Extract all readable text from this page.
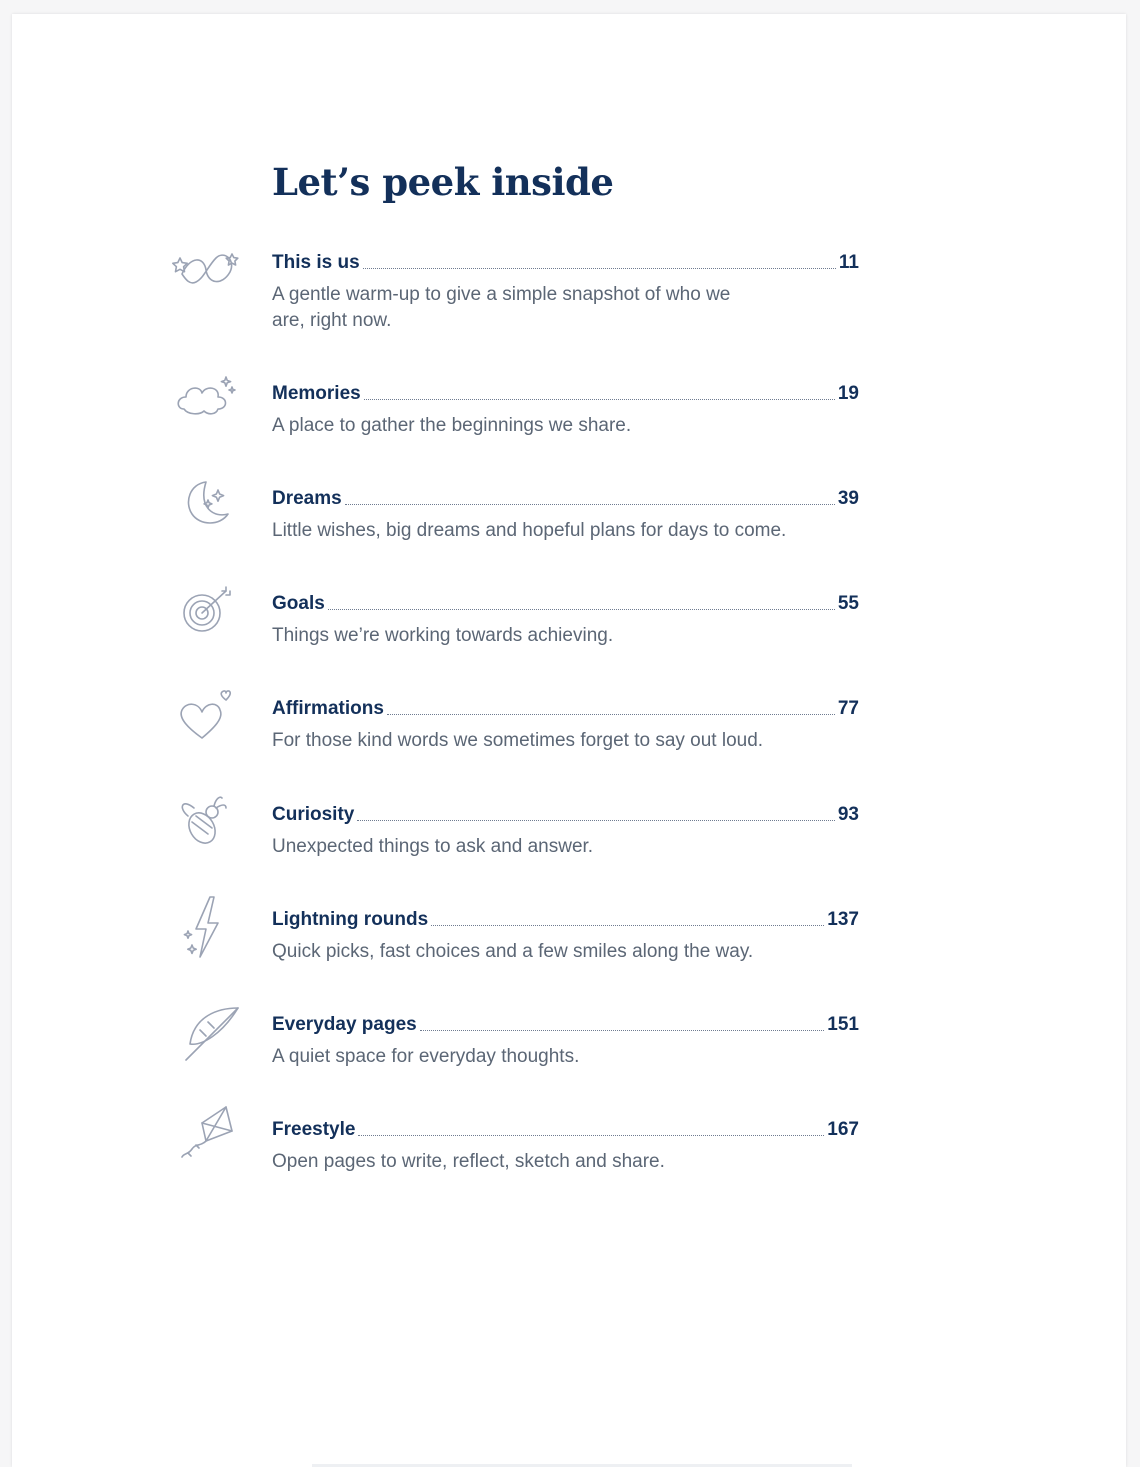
Let’s peek inside
This is us	11

A gentle warm-up to give a simple snapshot of who we are, right now.

Memories	19

A place to gather the beginnings we share.

Dreams	39

Little wishes, big dreams and hopeful plans for days to come.

Goals	55

Things we’re working towards achieving.

Affirmations	77

For those kind words we sometimes forget to say out loud.

Curiosity	93

Unexpected things to ask and answer.

Lightning rounds	137

Quick picks, fast choices and a few smiles along the way.

Everyday pages	151

A quiet space for everyday thoughts.

Freestyle	167

Open pages to write, reflect, sketch and share.
